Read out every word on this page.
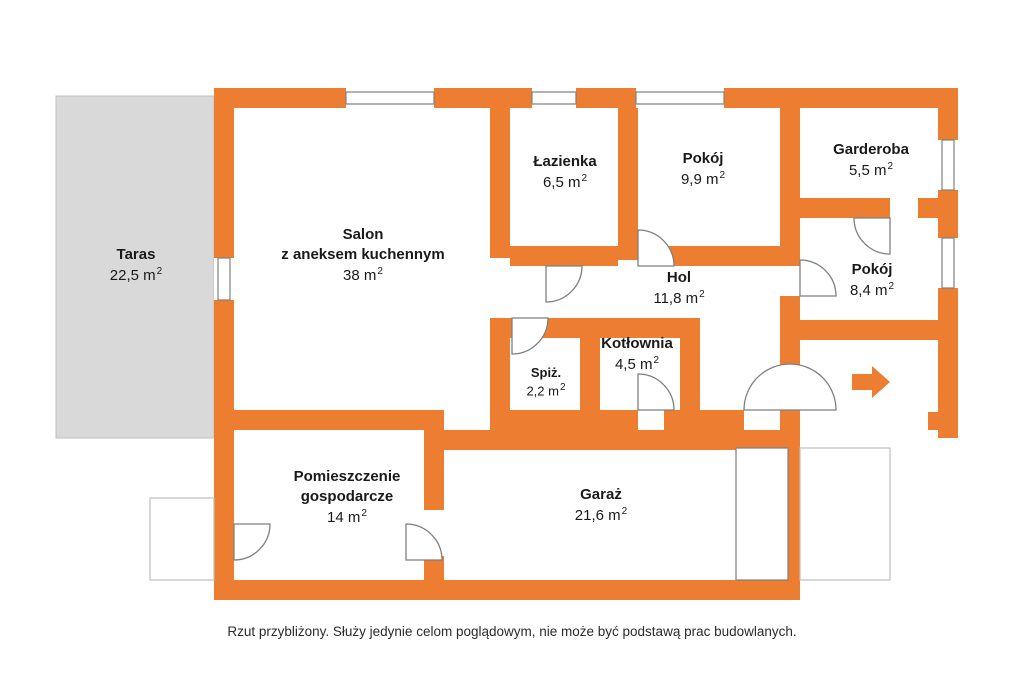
Taras
22,5 $m^2$
Salon
z aneksem kuchennym
38 $m^2$
Łazienka
6,5 $m^2$
Pokój
9,9 $m^2$
Garderoba
5,5 $m^2$
Pokój
8,4 $m^2$
Hol
11,8 $m^2$
Kotłownia
4,5 $m^2$
Spiż.
2,2 $m^2$
Pomieszczenie
gospodarcze
14 $m^2$
Garaż
21,6 $m^2$
Rzut przybliżony. Służy jedynie celom poglądowym, nie może być podstawą prac budowlanych.
